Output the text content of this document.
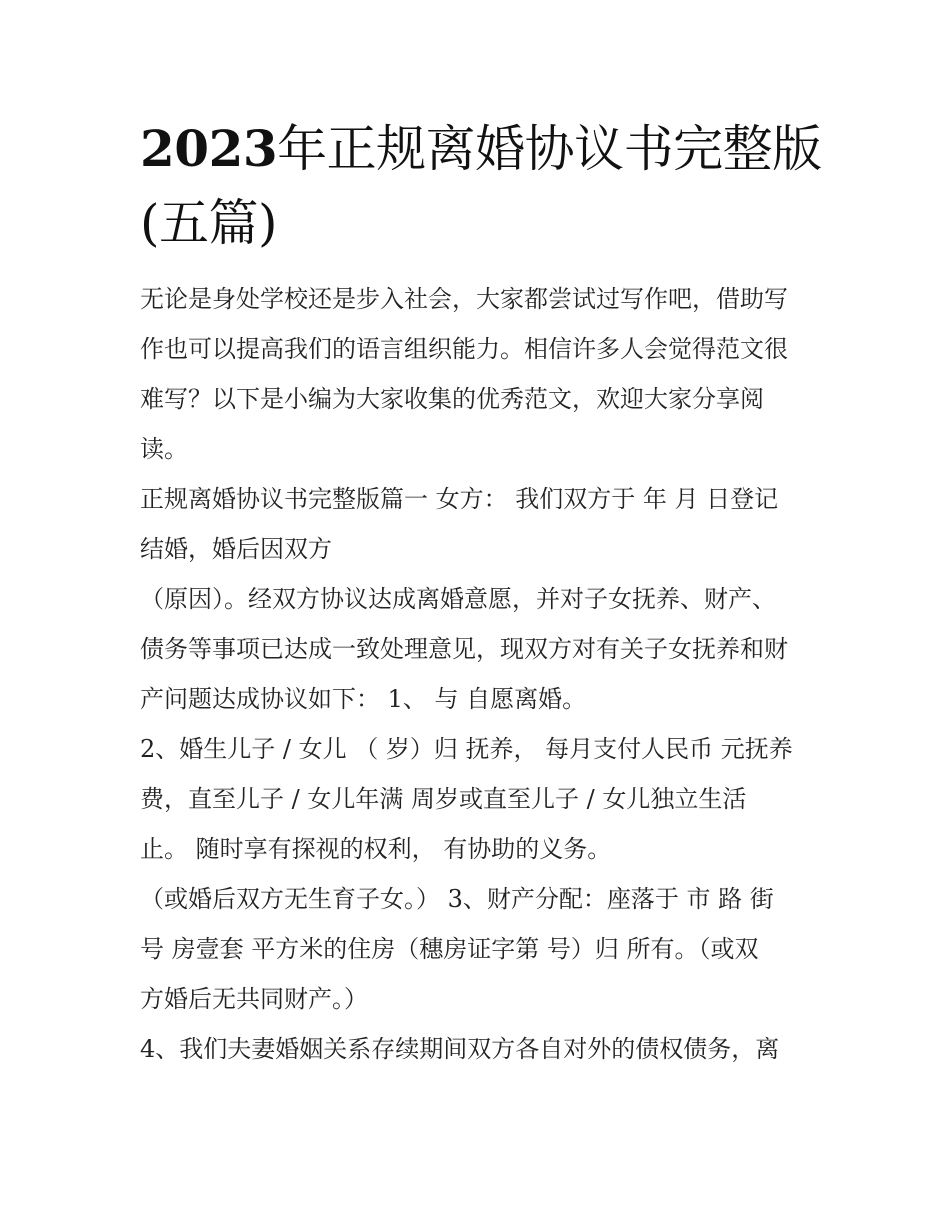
2023年正规离婚协议书完整版
(五篇)
无论是身处学校还是步入社会，大家都尝试过写作吧，借助写
作也可以提高我们的语言组织能力。相信许多人会觉得范文很
难写？以下是小编为大家收集的优秀范文，欢迎大家分享阅
读。
正规离婚协议书完整版篇一 女方： 我们双方于 年 月 日登记
结婚，婚后因双方
（原因）。经双方协议达成离婚意愿，并对子女抚养、财产、
债务等事项已达成一致处理意见，现双方对有关子女抚养和财
产问题达成协议如下： 1、 与 自愿离婚。
2、婚生儿子 / 女儿 （ 岁）归 抚养， 每月支付人民币 元抚养
费，直至儿子 / 女儿年满 周岁或直至儿子 / 女儿独立生活
止。 随时享有探视的权利， 有协助的义务。
（或婚后双方无生育子女。） 3、财产分配：座落于 市 路 街
号 房壹套 平方米的住房（穗房证字第 号）归 所有。（或双
方婚后无共同财产。）
4、我们夫妻婚姻关系存续期间双方各自对外的债权债务，离
